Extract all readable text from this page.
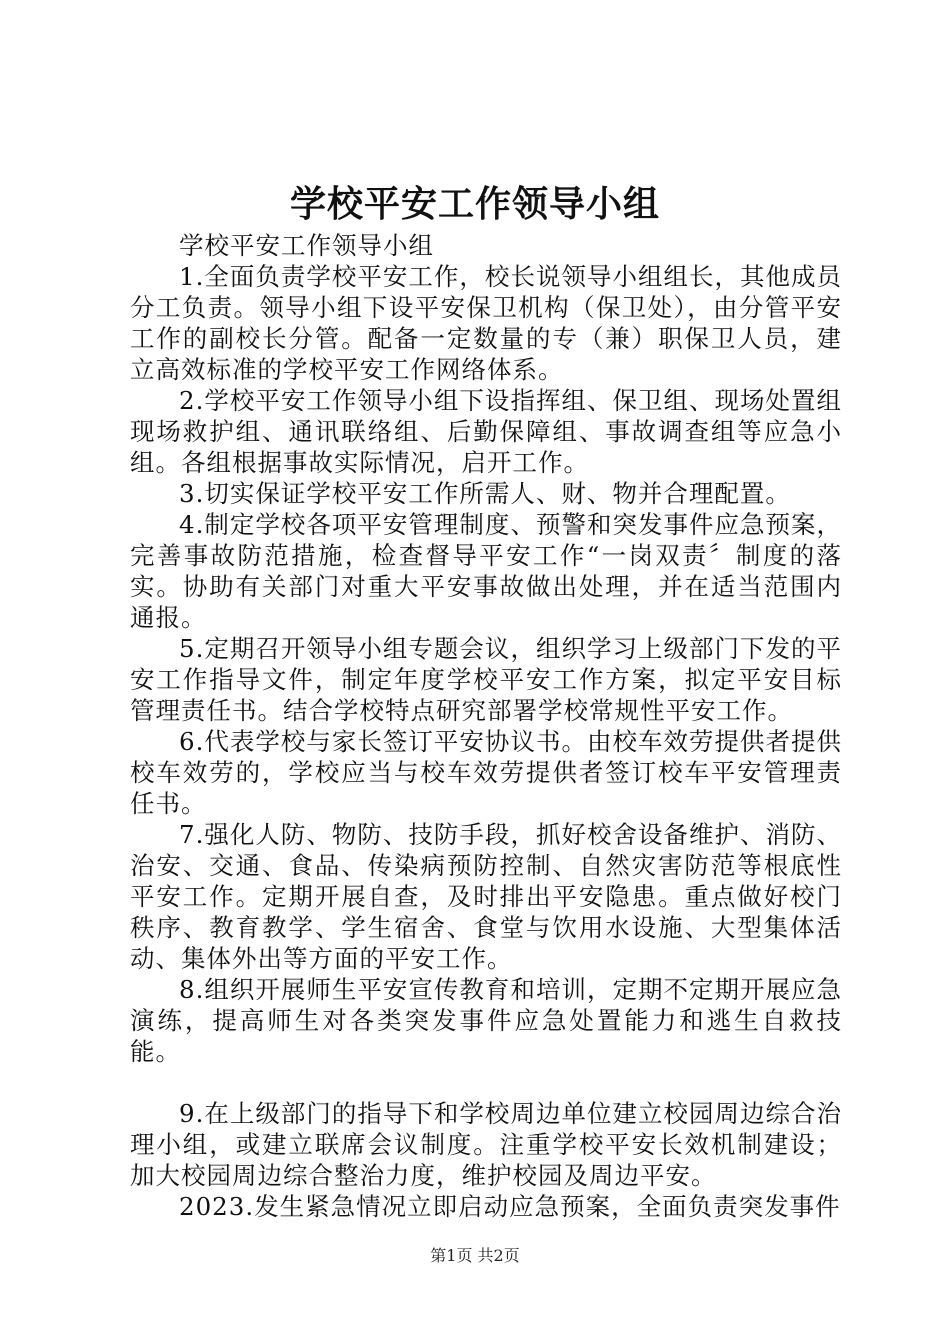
学校平安工作领导小组

学校平安工作领导小组

1.全面负责学校平安工作，校长说领导小组组长，其他成员分工负责。领导小组下设平安保卫机构（保卫处），由分管平安工作的副校长分管。配备一定数量的专（兼）职保卫人员，建立高效标准的学校平安工作网络体系。

2.学校平安工作领导小组下设指挥组、保卫组、现场处置组现场救护组、通讯联络组、后勤保障组、事故调查组等应急小组。各组根据事故实际情况，启开工作。

3.切实保证学校平安工作所需人、财、物并合理配置。

4.制定学校各项平安管理制度、预警和突发事件应急预案，完善事故防范措施，检查督导平安工作“一岗双责〞制度的落实。协助有关部门对重大平安事故做出处理，并在适当范围内通报。

5.定期召开领导小组专题会议，组织学习上级部门下发的平安工作指导文件，制定年度学校平安工作方案，拟定平安目标管理责任书。结合学校特点研究部署学校常规性平安工作。

6.代表学校与家长签订平安协议书。由校车效劳提供者提供校车效劳的，学校应当与校车效劳提供者签订校车平安管理责任书。

7.强化人防、物防、技防手段，抓好校舍设备维护、消防、治安、交通、食品、传染病预防控制、自然灾害防范等根底性平安工作。定期开展自查，及时排出平安隐患。重点做好校门秩序、教育教学、学生宿舍、食堂与饮用水设施、大型集体活动、集体外出等方面的平安工作。

8.组织开展师生平安宣传教育和培训，定期不定期开展应急演练，提高师生对各类突发事件应急处置能力和逃生自救技能。

9.在上级部门的指导下和学校周边单位建立校园周边综合治理小组，或建立联席会议制度。注重学校平安长效机制建设；加大校园周边综合整治力度，维护校园及周边平安。

2023.发生紧急情况立即启动应急预案，全面负责突发事件

第1页 共2页
